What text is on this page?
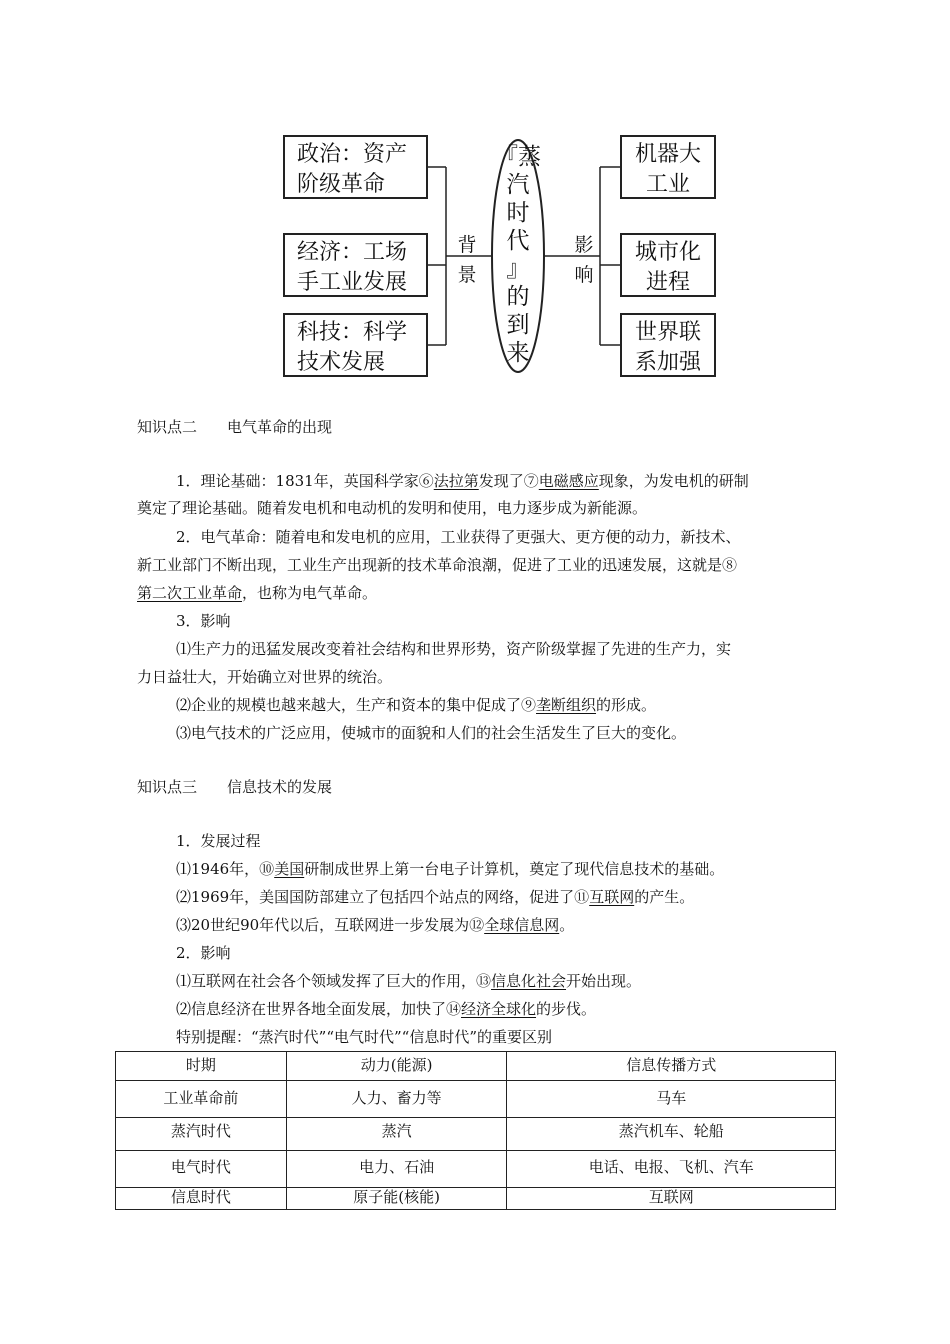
政治：资产
阶级革命
经济：工场
手工业发展
科技：科学
技术发展
背
景
影
响
『蒸
汽
时
代
』
的
到
来
机器大
工业
城市化
进程
世界联
系加强
知识点二　　电气革命的出现
1．理论基础：1831年，英国科学家⑥法拉第发现了⑦电磁感应现象，为发电机的研制
奠定了理论基础。随着发电机和电动机的发明和使用，电力逐步成为新能源。
2．电气革命：随着电和发电机的应用，工业获得了更强大、更方便的动力，新技术、
新工业部门不断出现，工业生产出现新的技术革命浪潮，促进了工业的迅速发展，这就是⑧
第二次工业革命，也称为电气革命。
3．影响
⑴生产力的迅猛发展改变着社会结构和世界形势，资产阶级掌握了先进的生产力，实
力日益壮大，开始确立对世界的统治。
⑵企业的规模也越来越大，生产和资本的集中促成了⑨垄断组织的形成。
⑶电气技术的广泛应用，使城市的面貌和人们的社会生活发生了巨大的变化。
知识点三　　信息技术的发展
1．发展过程
⑴1946年，⑩美国研制成世界上第一台电子计算机，奠定了现代信息技术的基础。
⑵1969年，美国国防部建立了包括四个站点的网络，促进了⑪互联网的产生。
⑶20世纪90年代以后，互联网进一步发展为⑫全球信息网。
2．影响
⑴互联网在社会各个领域发挥了巨大的作用，⑬信息化社会开始出现。
⑵信息经济在世界各地全面发展，加快了⑭经济全球化的步伐。
特别提醒：“蒸汽时代”“电气时代”“信息时代”的重要区别
时期	动力(能源)	信息传播方式
工业革命前	人力、畜力等	马车
蒸汽时代	蒸汽	蒸汽机车、轮船
电气时代	电力、石油	电话、电报、飞机、汽车
信息时代	原子能(核能)	互联网
